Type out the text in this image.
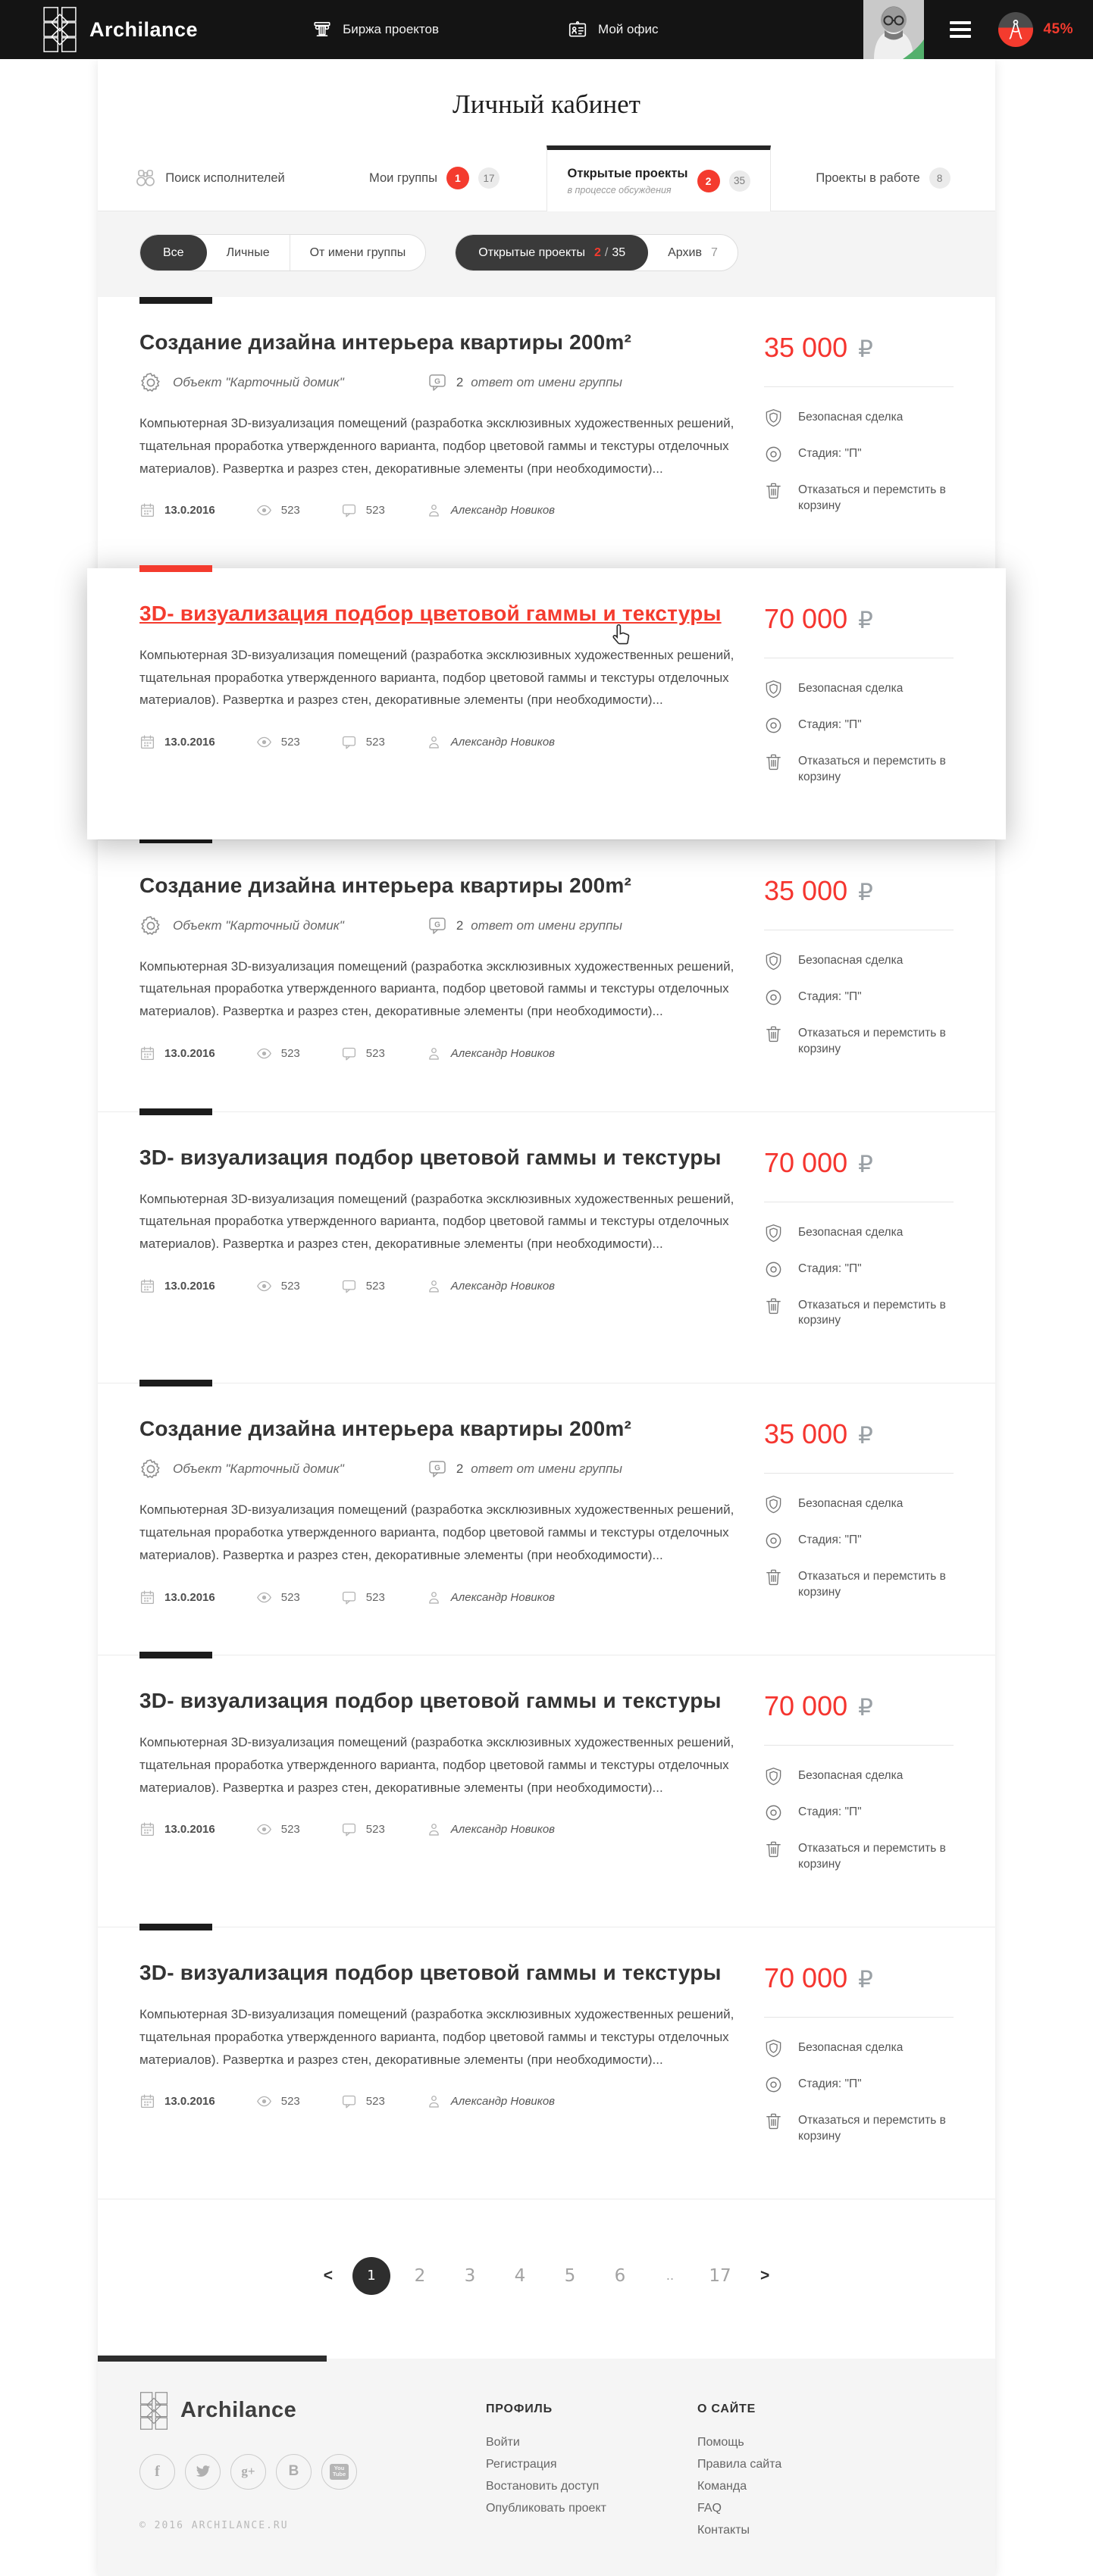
Archilance	Биржа проектов	Мой офис	45%
Личный кабинет
Поиск исполнителей	Мои группы	1	17	Открытые проекты
в процессе обсуждения
2	35	Проекты в работе	8
Все	Личные	От имени группы	Открытые проекты 2 / 35	Архив 7
Создание дизайна интерьера квартиры 200m²
Объект "Карточный домик"	G 2 ответ от имени группы

Компьютерная 3D-визуализация помещений (разработка эксклюзивных художественных решений, тщательная проработка утвержденного варианта, подбор цветовой гаммы и текстуры отделочных материалов). Развертка и разрез стен, декоративные элементы (при необходимости)...

13.0.2016	523	523	Александр Новиков
35 000 ₽
Безопасная сделка
Стадия: "П"
Отказаться и перемстить в корзину
3D- визуализация подбор цветовой гаммы и текстуры

Компьютерная 3D-визуализация помещений (разработка эксклюзивных художественных решений, тщательная проработка утвержденного варианта, подбор цветовой гаммы и текстуры отделочных материалов). Развертка и разрез стен, декоративные элементы (при необходимости)...

13.0.2016	523	523	Александр Новиков
70 000 ₽
Безопасная сделка
Стадия: "П"
Отказаться и перемстить в корзину
Создание дизайна интерьера квартиры 200m²
Объект "Карточный домик"	G 2 ответ от имени группы

Компьютерная 3D-визуализация помещений (разработка эксклюзивных художественных решений, тщательная проработка утвержденного варианта, подбор цветовой гаммы и текстуры отделочных материалов). Развертка и разрез стен, декоративные элементы (при необходимости)...

13.0.2016	523	523	Александр Новиков
35 000 ₽
Безопасная сделка
Стадия: "П"
Отказаться и перемстить в корзину
3D- визуализация подбор цветовой гаммы и текстуры

Компьютерная 3D-визуализация помещений (разработка эксклюзивных художественных решений, тщательная проработка утвержденного варианта, подбор цветовой гаммы и текстуры отделочных материалов). Развертка и разрез стен, декоративные элементы (при необходимости)...

13.0.2016	523	523	Александр Новиков
70 000 ₽
Безопасная сделка
Стадия: "П"
Отказаться и перемстить в корзину
Создание дизайна интерьера квартиры 200m²
Объект "Карточный домик"	G 2 ответ от имени группы

Компьютерная 3D-визуализация помещений (разработка эксклюзивных художественных решений, тщательная проработка утвержденного варианта, подбор цветовой гаммы и текстуры отделочных материалов). Развертка и разрез стен, декоративные элементы (при необходимости)...

13.0.2016	523	523	Александр Новиков
35 000 ₽
Безопасная сделка
Стадия: "П"
Отказаться и перемстить в корзину
3D- визуализация подбор цветовой гаммы и текстуры

Компьютерная 3D-визуализация помещений (разработка эксклюзивных художественных решений, тщательная проработка утвержденного варианта, подбор цветовой гаммы и текстуры отделочных материалов). Развертка и разрез стен, декоративные элементы (при необходимости)...

13.0.2016	523	523	Александр Новиков
70 000 ₽
Безопасная сделка
Стадия: "П"
Отказаться и перемстить в корзину
3D- визуализация подбор цветовой гаммы и текстуры

Компьютерная 3D-визуализация помещений (разработка эксклюзивных художественных решений, тщательная проработка утвержденного варианта, подбор цветовой гаммы и текстуры отделочных материалов). Развертка и разрез стен, декоративные элементы (при необходимости)...

13.0.2016	523	523	Александр Новиков
70 000 ₽
Безопасная сделка
Стадия: "П"
Отказаться и перемстить в корзину
<	1	2	3	4	5	6	..	17	>
Archilance
f	g+ B	You
Tube
© 2016 ARCHILANCE.RU
ПРОФИЛЬ
Войти
Регистрация
Востановить доступ
Опубликовать проект
О САЙТЕ
Помощь
Правила сайта
Команда
FAQ
Контакты
